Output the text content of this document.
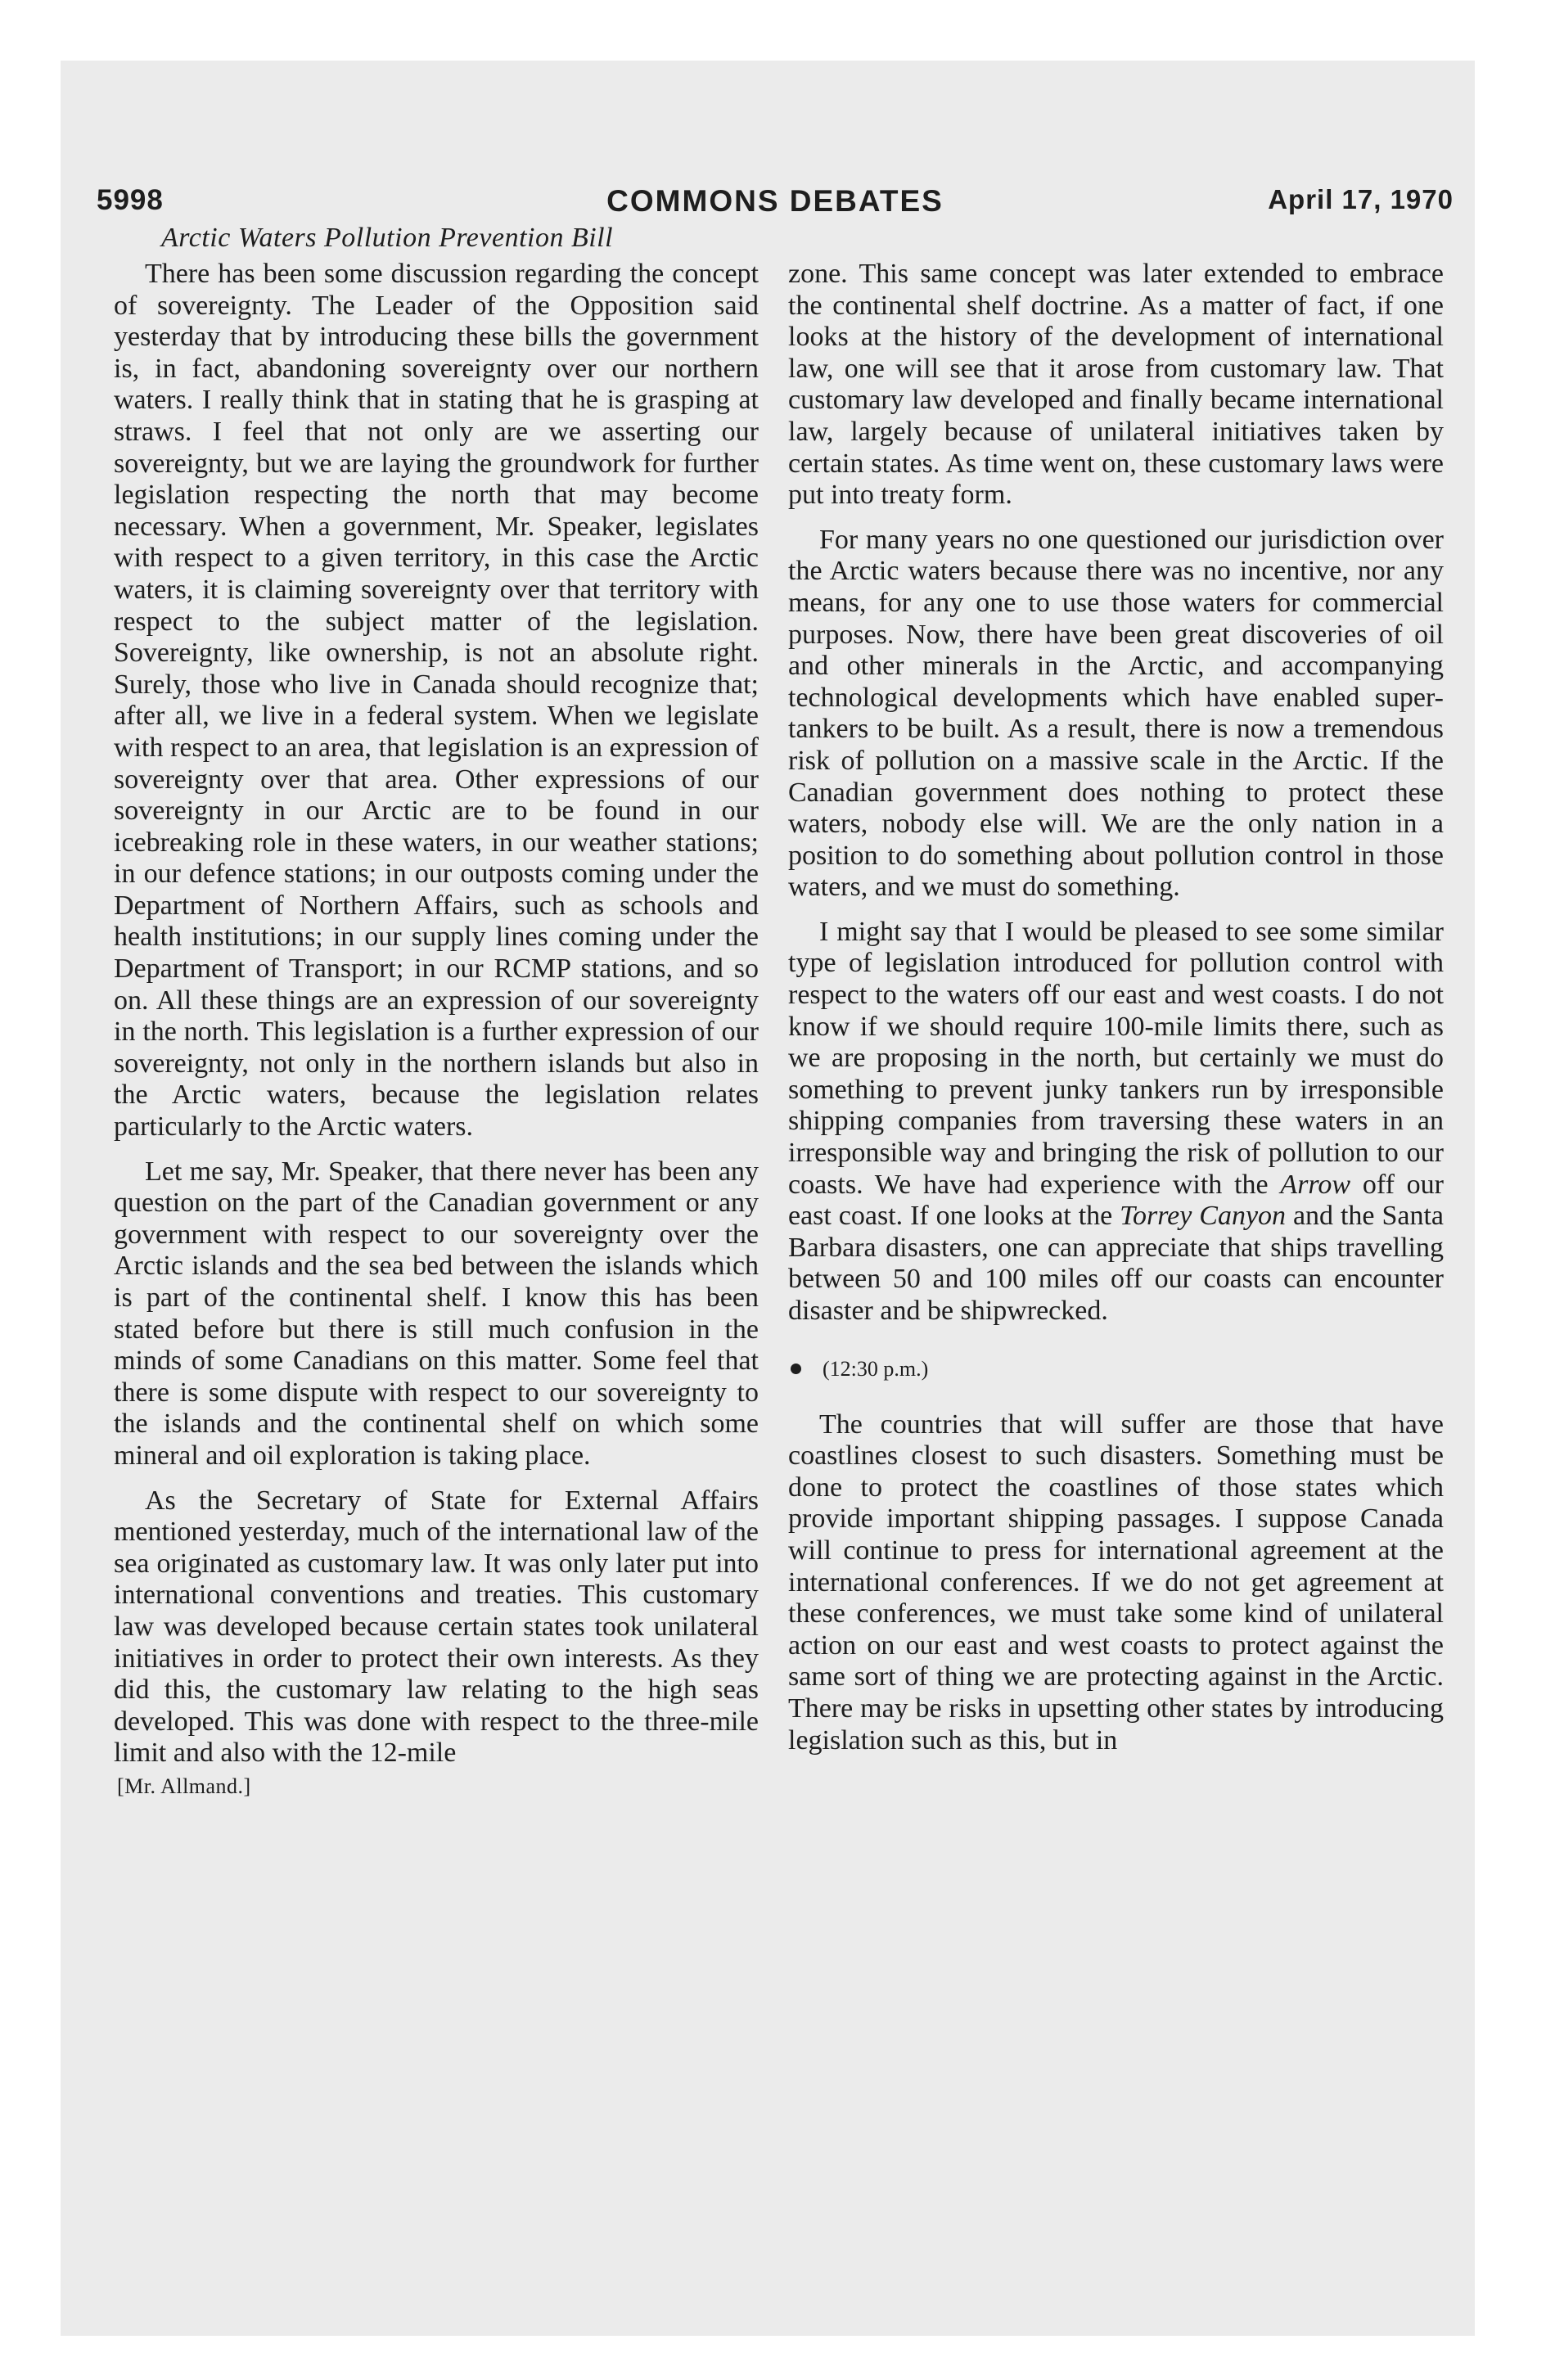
5998	COMMONS DEBATES	April 17, 1970
Arctic Waters Pollution Prevention Bill

There has been some discussion regarding the concept of sovereignty. The Leader of the Opposition said yesterday that by introducing these bills the government is, in fact, abandoning sovereignty over our northern waters. I really think that in stating that he is grasping at straws. I feel that not only are we asserting our sovereignty, but we are laying the groundwork for further legislation respecting the north that may become necessary. When a government, Mr. Speaker, legislates with respect to a given territory, in this case the Arctic waters, it is claiming sovereignty over that territory with respect to the subject matter of the legislation. Sovereignty, like ownership, is not an absolute right. Surely, those who live in Canada should recognize that; after all, we live in a federal system. When we legislate with respect to an area, that legislation is an expression of sovereignty over that area. Other expressions of our sovereignty in our Arctic are to be found in our icebreaking role in these waters, in our weather stations; in our defence stations; in our outposts coming under the Department of Northern Affairs, such as schools and health institutions; in our supply lines coming under the Department of Transport; in our RCMP stations, and so on. All these things are an expression of our sovereignty in the north. This legislation is a further expression of our sovereignty, not only in the northern islands but also in the Arctic waters, because the legislation relates particularly to the Arctic waters.

Let me say, Mr. Speaker, that there never has been any question on the part of the Canadian government or any government with respect to our sovereignty over the Arctic islands and the sea bed between the islands which is part of the continental shelf. I know this has been stated before but there is still much confusion in the minds of some Canadians on this matter. Some feel that there is some dispute with respect to our sovereignty to the islands and the continental shelf on which some mineral and oil exploration is taking place.

As the Secretary of State for External Affairs mentioned yesterday, much of the international law of the sea originated as customary law. It was only later put into international conventions and treaties. This customary law was developed because certain states took unilateral initiatives in order to protect their own interests. As they did this, the customary law relating to the high seas developed. This was done with respect to the three-mile limit and also with the 12-mile

[Mr. Allmand.]

zone. This same concept was later extended to embrace the continental shelf doctrine. As a matter of fact, if one looks at the history of the development of international law, one will see that it arose from customary law. That customary law developed and finally became international law, largely because of unilateral initiatives taken by certain states. As time went on, these customary laws were put into treaty form.

For many years no one questioned our jurisdiction over the Arctic waters because there was no incentive, nor any means, for any one to use those waters for commercial purposes. Now, there have been great discoveries of oil and other minerals in the Arctic, and accompanying technological developments which have enabled super-tankers to be built. As a result, there is now a tremendous risk of pollution on a massive scale in the Arctic. If the Canadian government does nothing to protect these waters, nobody else will. We are the only nation in a position to do something about pollution control in those waters, and we must do something.

I might say that I would be pleased to see some similar type of legislation introduced for pollution control with respect to the waters off our east and west coasts. I do not know if we should require 100-mile limits there, such as we are proposing in the north, but certainly we must do something to prevent junky tankers run by irresponsible shipping companies from traversing these waters in an irresponsible way and bringing the risk of pollution to our coasts. We have had experience with the Arrow off our east coast. If one looks at the Torrey Canyon and the Santa Barbara disasters, one can appreciate that ships travelling between 50 and 100 miles off our coasts can encounter disaster and be shipwrecked.

(12:30 p.m.)

The countries that will suffer are those that have coastlines closest to such disasters. Something must be done to protect the coastlines of those states which provide important shipping passages. I suppose Canada will continue to press for international agreement at the international conferences. If we do not get agreement at these conferences, we must take some kind of unilateral action on our east and west coasts to protect against the same sort of thing we are protecting against in the Arctic. There may be risks in upsetting other states by introducing legislation such as this, but in
